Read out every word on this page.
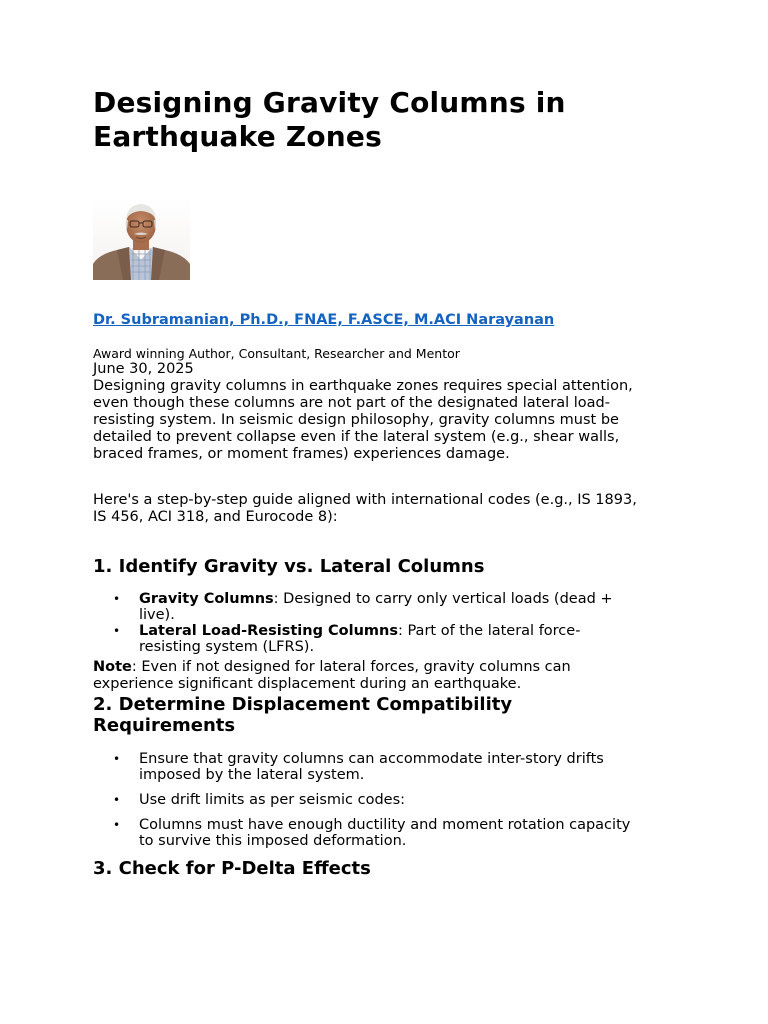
Designing Gravity Columns in
Earthquake Zones
Dr. Subramanian, Ph.D., FNAE, F.ASCE, M.ACI Narayanan
Award winning Author, Consultant, Researcher and Mentor
June 30, 2025

Designing gravity columns in earthquake zones requires special attention,
even though these columns are not part of the designated lateral load-
resisting system. In seismic design philosophy, gravity columns must be
detailed to prevent collapse even if the lateral system (e.g., shear walls,
braced frames, or moment frames) experiences damage.

Here's a step-by-step guide aligned with international codes (e.g., IS 1893,
IS 456, ACI 318, and Eurocode 8):

1. Identify Gravity vs. Lateral Columns
• Gravity Columns: Designed to carry only vertical loads (dead +
live).
• Lateral Load-Resisting Columns: Part of the lateral force-
resisting system (LFRS).

Note: Even if not designed for lateral forces, gravity columns can
experience significant displacement during an earthquake.

2. Determine Displacement Compatibility
Requirements
• Ensure that gravity columns can accommodate inter-story drifts
imposed by the lateral system.
• Use drift limits as per seismic codes:
• Columns must have enough ductility and moment rotation capacity
to survive this imposed deformation.
3. Check for P-Delta Effects
